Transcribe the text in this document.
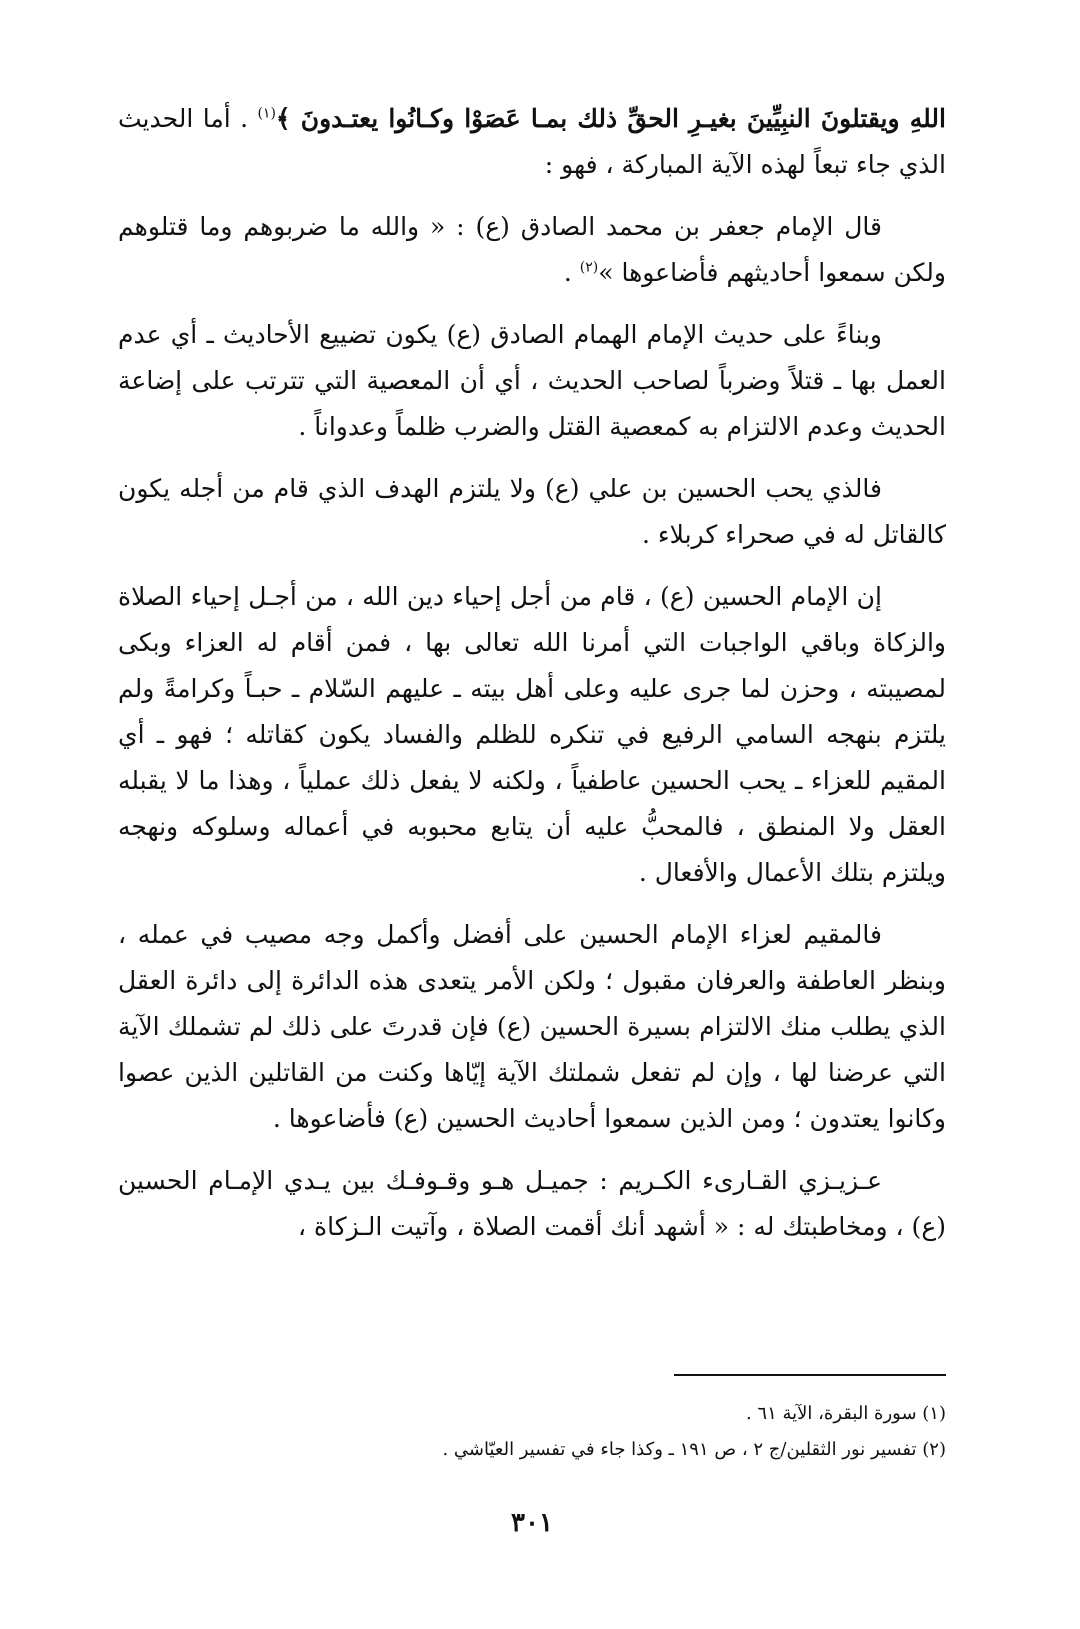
اللهِ ويقتلونَ النبِيِّينَ بغيـرِ الحقِّ ذلك بمـا عَصَوْا وكـانُوا يعتـدونَ ﴾$^{(١)}$ . أما الحديث الذي جاء تبعاً لهذه الآية المباركة ، فهو :

قال الإمام جعفر بن محمد الصادق (ع) : « والله ما ضربوهم وما قتلوهم ولكن سمعوا أحاديثهم فأضاعوها »$^{(٢)}$ .

وبناءً على حديث الإمام الهمام الصادق (ع) يكون تضييع الأحاديث ـ أي عدم العمل بها ـ قتلاً وضرباً لصاحب الحديث ، أي أن المعصية التي تترتب على إضاعة الحديث وعدم الالتزام به كمعصية القتل والضرب ظلماً وعدواناً .

فالذي يحب الحسين بن علي (ع) ولا يلتزم الهدف الذي قام من أجله يكون كالقاتل له في صحراء كربلاء .

إن الإمام الحسين (ع) ، قام من أجل إحياء دين الله ، من أجـل إحياء الصلاة والزكاة وباقي الواجبات التي أمرنا الله تعالى بها ، فمن أقام له العزاء وبكى لمصيبته ، وحزن لما جرى عليه وعلى أهل بيته ـ عليهم السّلام ـ حبـاً وكرامةً ولم يلتزم بنهجه السامي الرفيع في تنكره للظلم والفساد يكون كقاتله ؛ فهو ـ أي المقيم للعزاء ـ يحب الحسين عاطفياً ، ولكنه لا يفعل ذلك عملياً ، وهذا ما لا يقبله العقل ولا المنطق ، فالمحبُّ عليه أن يتابع محبوبه في أعماله وسلوكه ونهجه ويلتزم بتلك الأعمال والأفعال .

فالمقيم لعزاء الإمام الحسين على أفضل وأكمل وجه مصيب في عمله ، وبنظر العاطفة والعرفان مقبول ؛ ولكن الأمر يتعدى هذه الدائرة إلى دائرة العقل الذي يطلب منك الالتزام بسيرة الحسين (ع) فإن قدرتَ على ذلك لم تشملك الآية التي عرضنا لها ، وإن لم تفعل شملتك الآية إيّاها وكنت من القاتلين الذين عصوا وكانوا يعتدون ؛ ومن الذين سمعوا أحاديث الحسين (ع) فأضاعوها .

عـزيـزي القـارىء الكـريم : جميـل هـو وقـوفـك بين يـدي الإمـام الحسين (ع) ، ومخاطبتك له : « أشهد أنك أقمت الصلاة ، وآتيت الـزكاة ،

(١) سورة البقرة، الآية ٦١ .

(٢) تفسير نور الثقلين/ج ٢ ، ص ١٩١ ـ وكذا جاء في تفسير العيّاشي .

٣٠١
